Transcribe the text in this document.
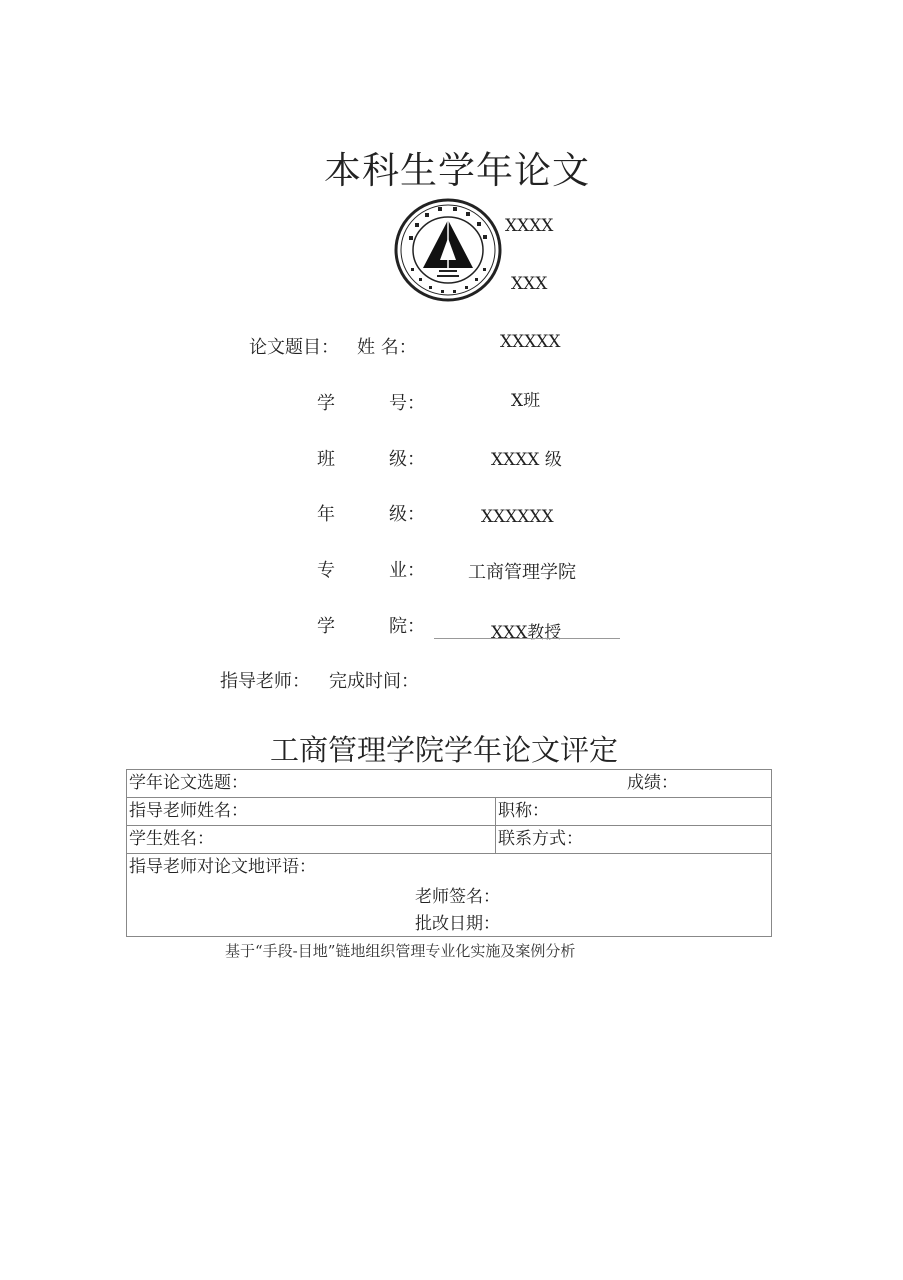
本科生学年论文
XXXX
XXX
论文题目： 姓 名：	XXXXX
学	号：	X班
班	级：	XXXX 级
年	级：	XXXXXX
专	业： 工商管理学院
学	院：	XXX教授
指导老师： 完成时间：
工商管理学院学年论文评定
学年论文选题： 成绩：	

指导老师姓名：	职称：
学生姓名：	联系方式：

指导老师对论文地评语：
老师签名：
批改日期：	
基于“手段-目地”链地组织管理专业化实施及案例分析
